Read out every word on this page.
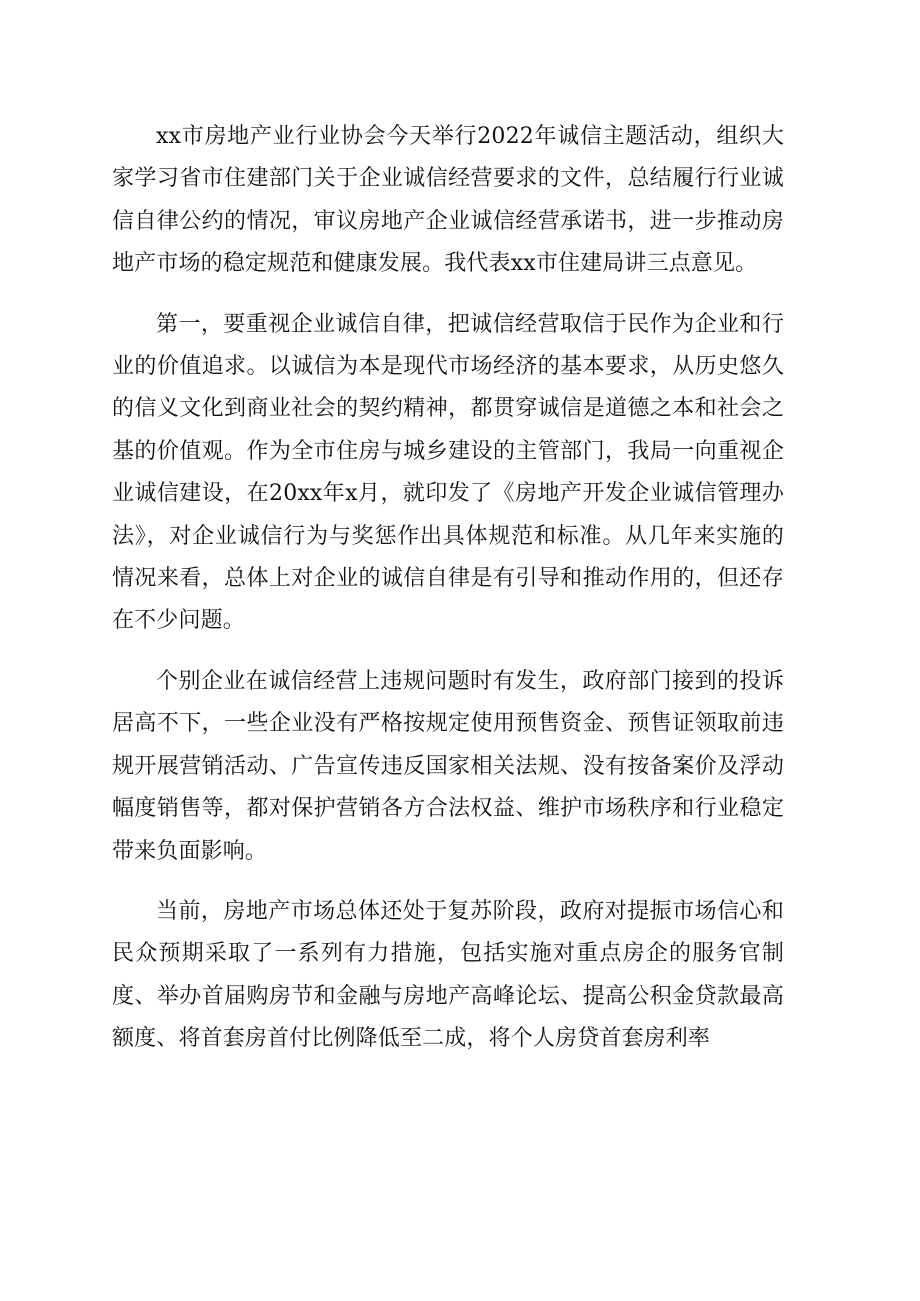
xx市房地产业行业协会今天举行2022年诚信主题活动，组织大家学习省市住建部门关于企业诚信经营要求的文件，总结履行行业诚信自律公约的情况，审议房地产企业诚信经营承诺书，进一步推动房地产市场的稳定规范和健康发展。我代表xx市住建局讲三点意见。

第一，要重视企业诚信自律，把诚信经营取信于民作为企业和行业的价值追求。以诚信为本是现代市场经济的基本要求，从历史悠久的信义文化到商业社会的契约精神，都贯穿诚信是道德之本和社会之基的价值观。作为全市住房与城乡建设的主管部门，我局一向重视企业诚信建设，在20xx年x月，就印发了《房地产开发企业诚信管理办法》，对企业诚信行为与奖惩作出具体规范和标准。从几年来实施的情况来看，总体上对企业的诚信自律是有引导和推动作用的，但还存在不少问题。

个别企业在诚信经营上违规问题时有发生，政府部门接到的投诉居高不下，一些企业没有严格按规定使用预售资金、预售证领取前违规开展营销活动、广告宣传违反国家相关法规、没有按备案价及浮动幅度销售等，都对保护营销各方合法权益、维护市场秩序和行业稳定带来负面影响。

当前，房地产市场总体还处于复苏阶段，政府对提振市场信心和民众预期采取了一系列有力措施，包括实施对重点房企的服务官制度、举办首届购房节和金融与房地产高峰论坛、提高公积金贷款最高额度、将首套房首付比例降低至二成，将个人房贷首套房利率
